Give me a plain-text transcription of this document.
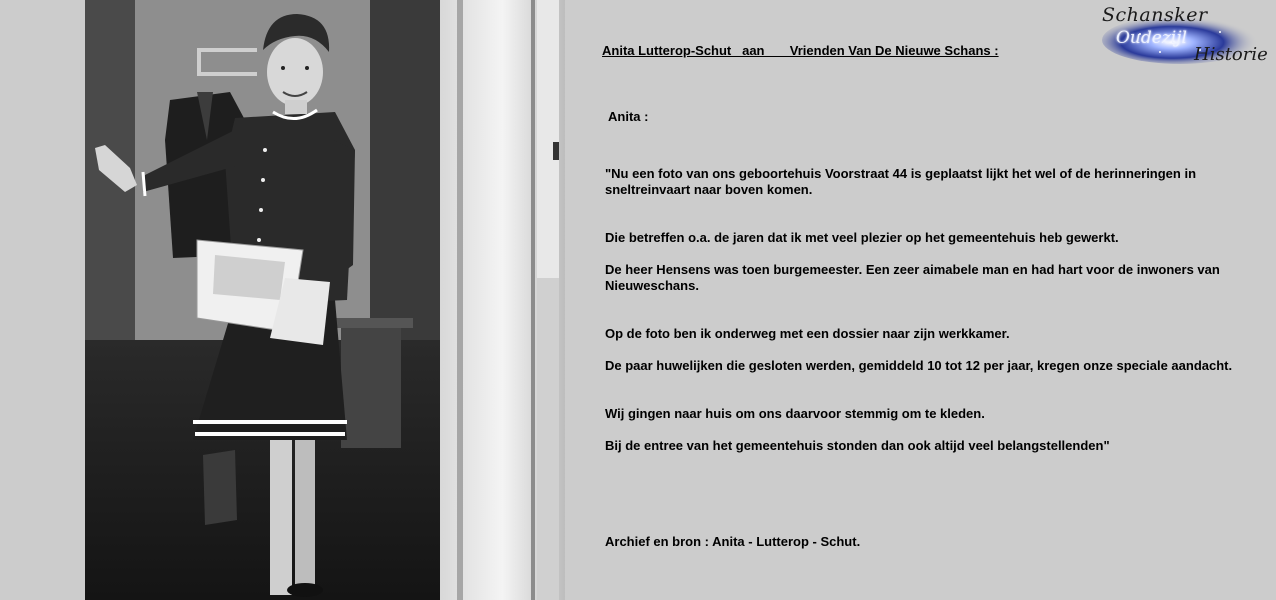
Schansker
Oudezijl
Historie
Anita Lutterop-Schut   aan       Vrienden Van De Nieuwe Schans :

Anita :

"Nu een foto van ons geboortehuis Voorstraat 44 is geplaatst lijkt het wel of de herinneringen in sneltreinvaart naar boven komen.

Die betreffen o.a. de jaren dat ik met veel plezier op het gemeentehuis heb gewerkt.

De heer Hensens was toen burgemeester. Een zeer aimabele man en had hart voor de inwoners van Nieuweschans.

Op de foto ben ik onderweg met een dossier naar zijn werkkamer.

De paar huwelijken die gesloten werden, gemiddeld 10 tot 12 per jaar, kregen onze speciale aandacht.

Wij gingen naar huis om ons daarvoor stemmig om te kleden.

Bij de entree van het gemeentehuis stonden dan ook altijd veel belangstellenden"

Archief en bron : Anita - Lutterop - Schut.
